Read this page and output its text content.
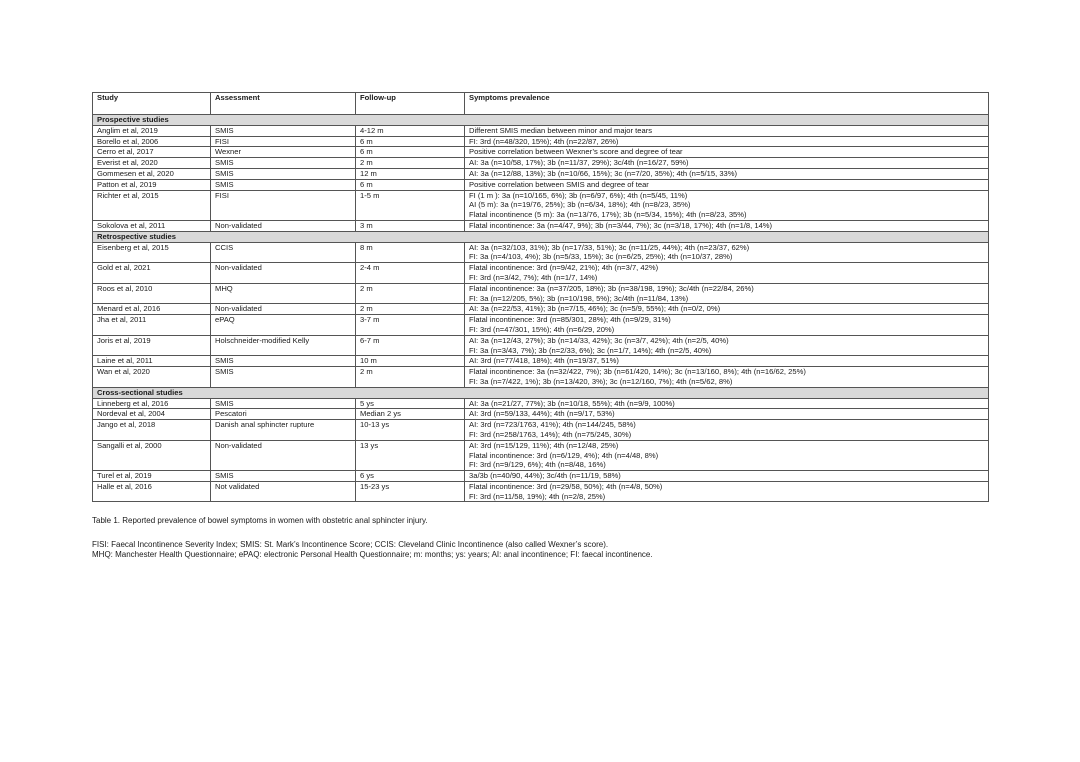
Study	Assessment	Follow-up	Symptoms prevalence
Prospective studies			
Anglim et al, 2019	SMIS	4-12 m	Different SMIS median between minor and major tears

Borello et al, 2006	FISI	6 m	FI: 3rd (n=48/320, 15%); 4th (n=22/87, 26%)

Cerro et al, 2017	Wexner	6 m	Positive correlation between Wexner’s score and degree of tear

Everist et al, 2020	SMIS	2 m	AI: 3a (n=10/58, 17%); 3b (n=11/37, 29%); 3c/4th (n=16/27, 59%)

Gommesen et al, 2020	SMIS	12 m	AI: 3a (n=12/88, 13%); 3b (n=10/66, 15%); 3c (n=7/20, 35%); 4th (n=5/15, 33%)

Patton et al, 2019	SMIS	6 m	Positive correlation between SMIS and degree of tear

Richter et al, 2015	FISI	1-5 m	FI (1 m ): 3a (n=10/165, 6%); 3b (n=6/97, 6%); 4th (n=5/45, 11%)
AI (5 m): 3a (n=19/76, 25%); 3b (n=6/34, 18%); 4th (n=8/23, 35%)
Flatal incontinence (5 m): 3a (n=13/76, 17%); 3b (n=5/34, 15%); 4th (n=8/23, 35%)

Sokolova et al, 2011	Non-validated	3 m	Flatal incontinence: 3a (n=4/47, 9%); 3b (n=3/44, 7%); 3c (n=3/18, 17%); 4th (n=1/8, 14%)

Retrospective studies			
Eisenberg et al, 2015	CCIS	8 m	AI: 3a (n=32/103, 31%); 3b (n=17/33, 51%); 3c (n=11/25, 44%); 4th (n=23/37, 62%)
FI: 3a (n=4/103, 4%); 3b (n=5/33, 15%); 3c (n=6/25, 25%); 4th (n=10/37, 28%)

Gold et al, 2021	Non-validated	2-4 m	Flatal incontinence: 3rd (n=9/42, 21%); 4th (n=3/7, 42%)
FI: 3rd (n=3/42, 7%); 4th (n=1/7, 14%)

Roos et al, 2010	MHQ	2 m	Flatal incontinence: 3a (n=37/205, 18%); 3b (n=38/198, 19%); 3c/4th (n=22/84, 26%)
FI: 3a (n=12/205, 5%); 3b (n=10/198, 5%); 3c/4th (n=11/84, 13%)

Menard et al, 2016	Non-validated	2 m	AI: 3a (n=22/53, 41%); 3b (n=7/15, 46%); 3c (n=5/9, 55%); 4th (n=0/2, 0%)

Jha et al, 2011	ePAQ	3-7 m	Flatal incontinence: 3rd (n=85/301, 28%); 4th (n=9/29, 31%)
FI: 3rd (n=47/301, 15%); 4th (n=6/29, 20%)

Joris et al, 2019	Holschneider-modified Kelly	6-7 m	AI: 3a (n=12/43, 27%); 3b (n=14/33, 42%); 3c (n=3/7, 42%); 4th (n=2/5, 40%)
FI: 3a (n=3/43, 7%); 3b (n=2/33, 6%); 3c (n=1/7, 14%); 4th (n=2/5, 40%)

Laine et al, 2011	SMIS	10 m	AI: 3rd (n=77/418, 18%); 4th (n=19/37, 51%)

Wan et al, 2020	SMIS	2 m	Flatal incontinence: 3a (n=32/422, 7%); 3b (n=61/420, 14%); 3c (n=13/160, 8%); 4th (n=16/62, 25%)
FI: 3a (n=7/422, 1%); 3b (n=13/420, 3%); 3c (n=12/160, 7%); 4th (n=5/62, 8%)

Cross-sectional studies			
Linneberg et al, 2016	SMIS	5 ys	AI: 3a (n=21/27, 77%); 3b (n=10/18, 55%); 4th (n=9/9, 100%)

Nordeval et al, 2004	Pescatori	Median 2 ys	AI: 3rd (n=59/133, 44%); 4th (n=9/17, 53%)

Jango et al, 2018	Danish anal sphincter rupture	10-13 ys	AI: 3rd (n=723/1763, 41%); 4th (n=144/245, 58%)
FI: 3rd (n=258/1763, 14%); 4th (n=75/245, 30%)

Sangalli et al, 2000	Non-validated	13 ys	AI: 3rd (n=15/129, 11%); 4th (n=12/48, 25%)
Flatal incontinence: 3rd (n=6/129, 4%); 4th (n=4/48, 8%)
FI: 3rd (n=9/129, 6%); 4th (n=8/48, 16%)

Turel et al, 2019	SMIS	6 ys	3a/3b (n=40/90, 44%); 3c/4th (n=11/19, 58%)

Halle et al, 2016	Not validated	15-23 ys	Flatal incontinence: 3rd (n=29/58, 50%); 4th (n=4/8, 50%)
FI: 3rd (n=11/58, 19%); 4th (n=2/8, 25%)
Table 1. Reported prevalence of bowel symptoms in women with obstetric anal sphincter injury.
FISI: Faecal Incontinence Severity Index; SMIS: St. Mark’s Incontinence Score; CCIS: Cleveland Clinic Incontinence (also called Wexner’s score).
MHQ: Manchester Health Questionnaire; ePAQ: electronic Personal Health Questionnaire; m: months; ys: years; AI: anal incontinence; FI: faecal incontinence.
